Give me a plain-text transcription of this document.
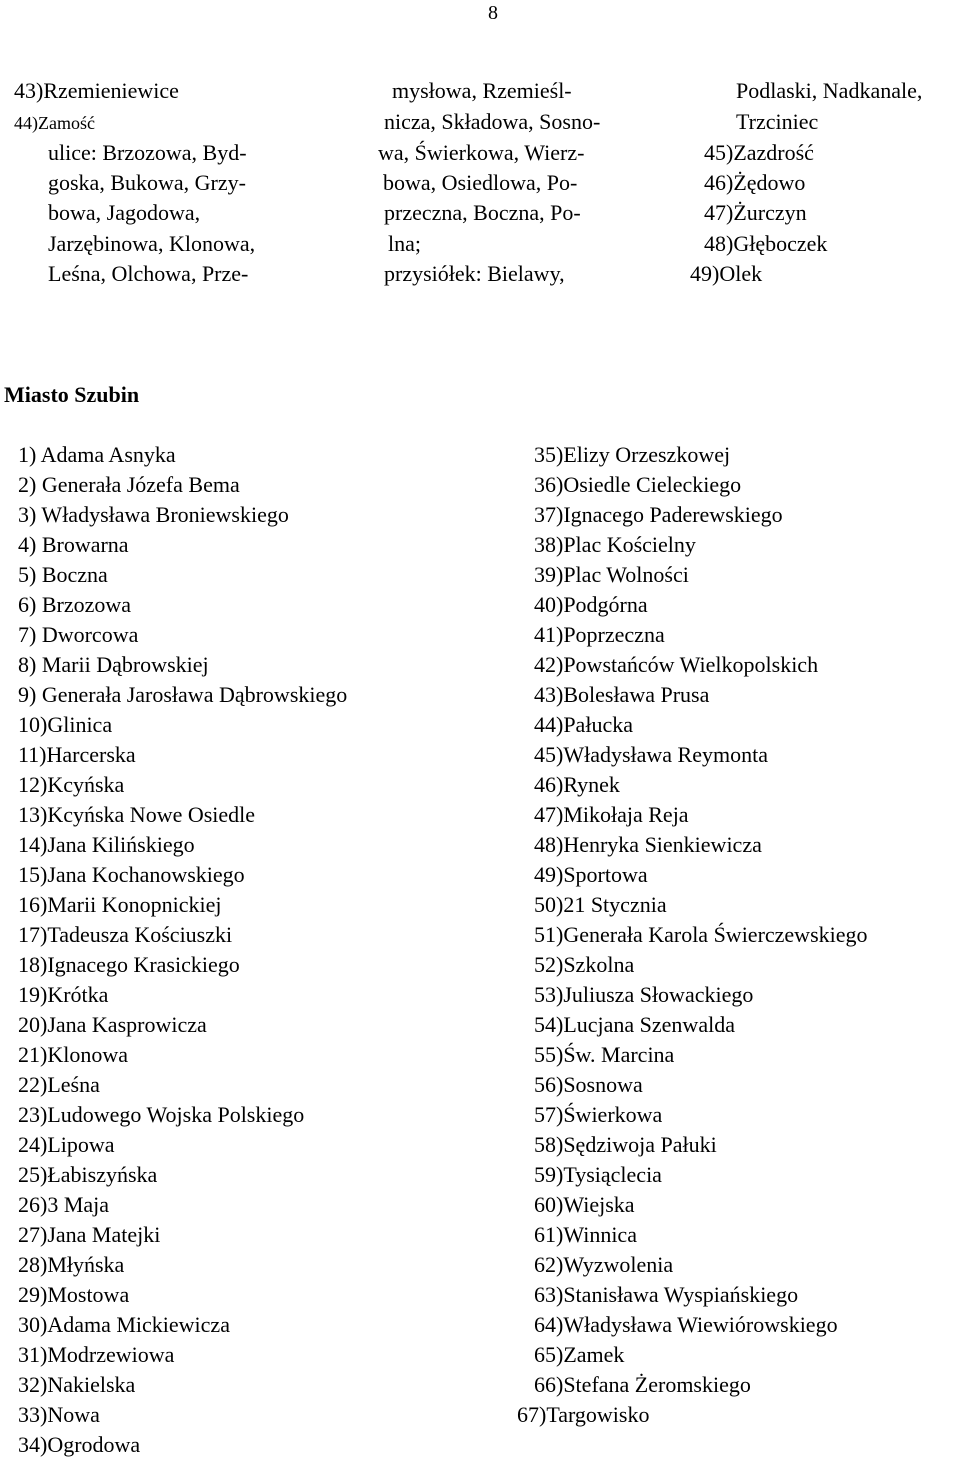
8
43)Rzemieniewice
44)Zamość
ulice: Brzozowa, Byd-
goska, Bukowa, Grzy-
bowa, Jagodowa,
Jarzębinowa, Klonowa,
Leśna, Olchowa, Prze-
mysłowa, Rzemieśl-
nicza, Składowa, Sosno-
wa, Świerkowa, Wierz-
bowa, Osiedlowa, Po-
przeczna, Boczna, Po-
lna;
przysiółek: Bielawy,
Podlaski, Nadkanale,
Trzciniec
45)Zazdrość
46)Żędowo
47)Żurczyn
48)Głęboczek
49)Olek
Miasto Szubin
1) Adama Asnyka
2) Generała Józefa Bema
3) Władysława Broniewskiego
4) Browarna
5) Boczna
6) Brzozowa
7) Dworcowa
8) Marii Dąbrowskiej
9) Generała Jarosława Dąbrowskiego
10)Glinica
11)Harcerska
12)Kcyńska
13)Kcyńska Nowe Osiedle
14)Jana Kilińskiego
15)Jana Kochanowskiego
16)Marii Konopnickiej
17)Tadeusza Kościuszki
18)Ignacego Krasickiego
19)Krótka
20)Jana Kasprowicza
21)Klonowa
22)Leśna
23)Ludowego Wojska Polskiego
24)Lipowa
25)Łabiszyńska
26)3 Maja
27)Jana Matejki
28)Młyńska
29)Mostowa
30)Adama Mickiewicza
31)Modrzewiowa
32)Nakielska
33)Nowa
34)Ogrodowa
35)Elizy Orzeszkowej
36)Osiedle Cieleckiego
37)Ignacego Paderewskiego
38)Plac Kościelny
39)Plac Wolności
40)Podgórna
41)Poprzeczna
42)Powstańców Wielkopolskich
43)Bolesława Prusa
44)Pałucka
45)Władysława Reymonta
46)Rynek
47)Mikołaja Reja
48)Henryka Sienkiewicza
49)Sportowa
50)21 Stycznia
51)Generała Karola Świerczewskiego
52)Szkolna
53)Juliusza Słowackiego
54)Lucjana Szenwalda
55)Św. Marcina
56)Sosnowa
57)Świerkowa
58)Sędziwoja Pałuki
59)Tysiąclecia
60)Wiejska
61)Winnica
62)Wyzwolenia
63)Stanisława Wyspiańskiego
64)Władysława Wiewiórowskiego
65)Zamek
66)Stefana Żeromskiego
67)Targowisko
